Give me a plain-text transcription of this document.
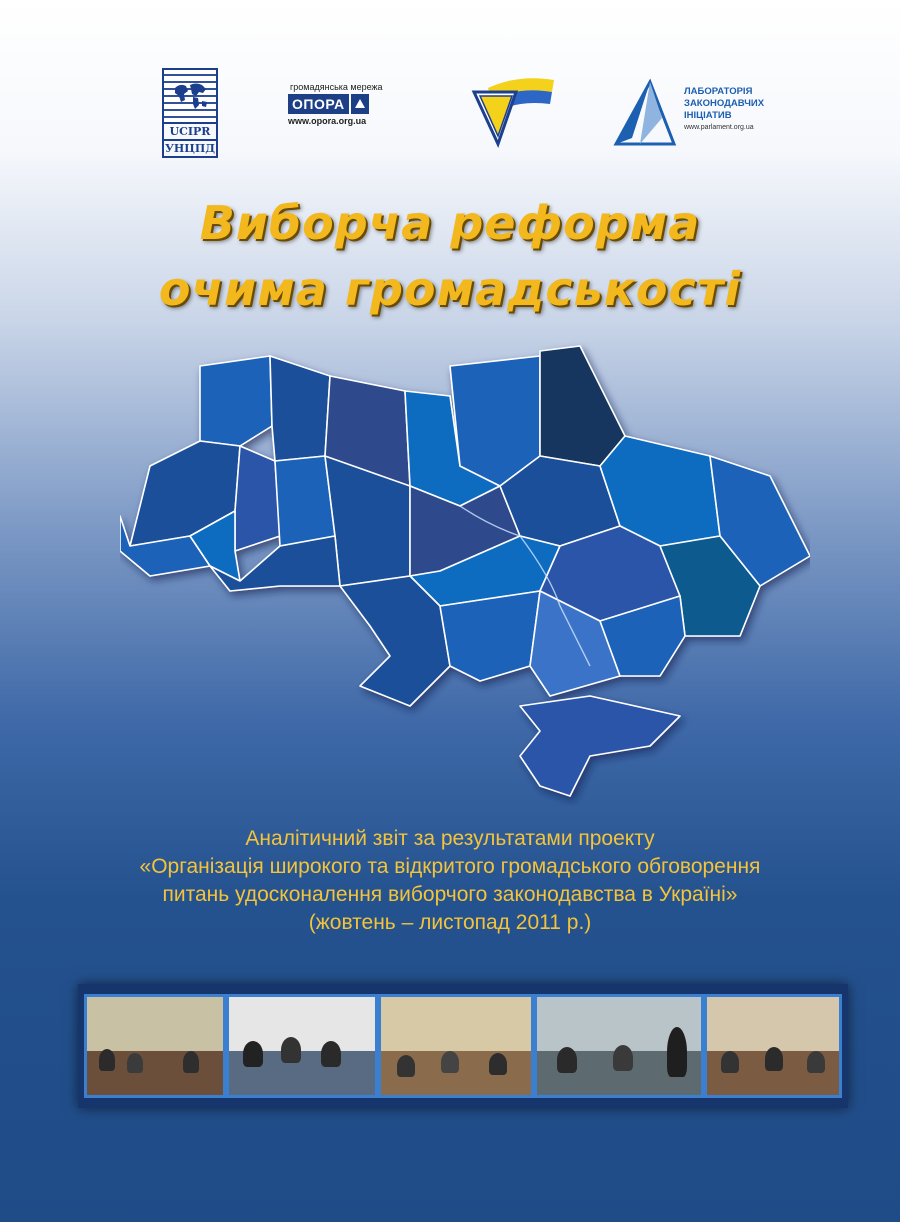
UCIPR
УНЦПД
громадянська мережа
ОПОРА
www.oporа.org.ua
ЛАБОРАТОРІЯ
ЗАКОНОДАВЧИХ
ІНІЦІАТИВ
www.parlament.org.ua
Виборча реформа
очима громадськості
Аналітичний звіт за результатами проекту
«Організація широкого та відкритого громадського обговорення
питань удосконалення виборчого законодавства в Україні»
(жовтень – листопад 2011 р.)
